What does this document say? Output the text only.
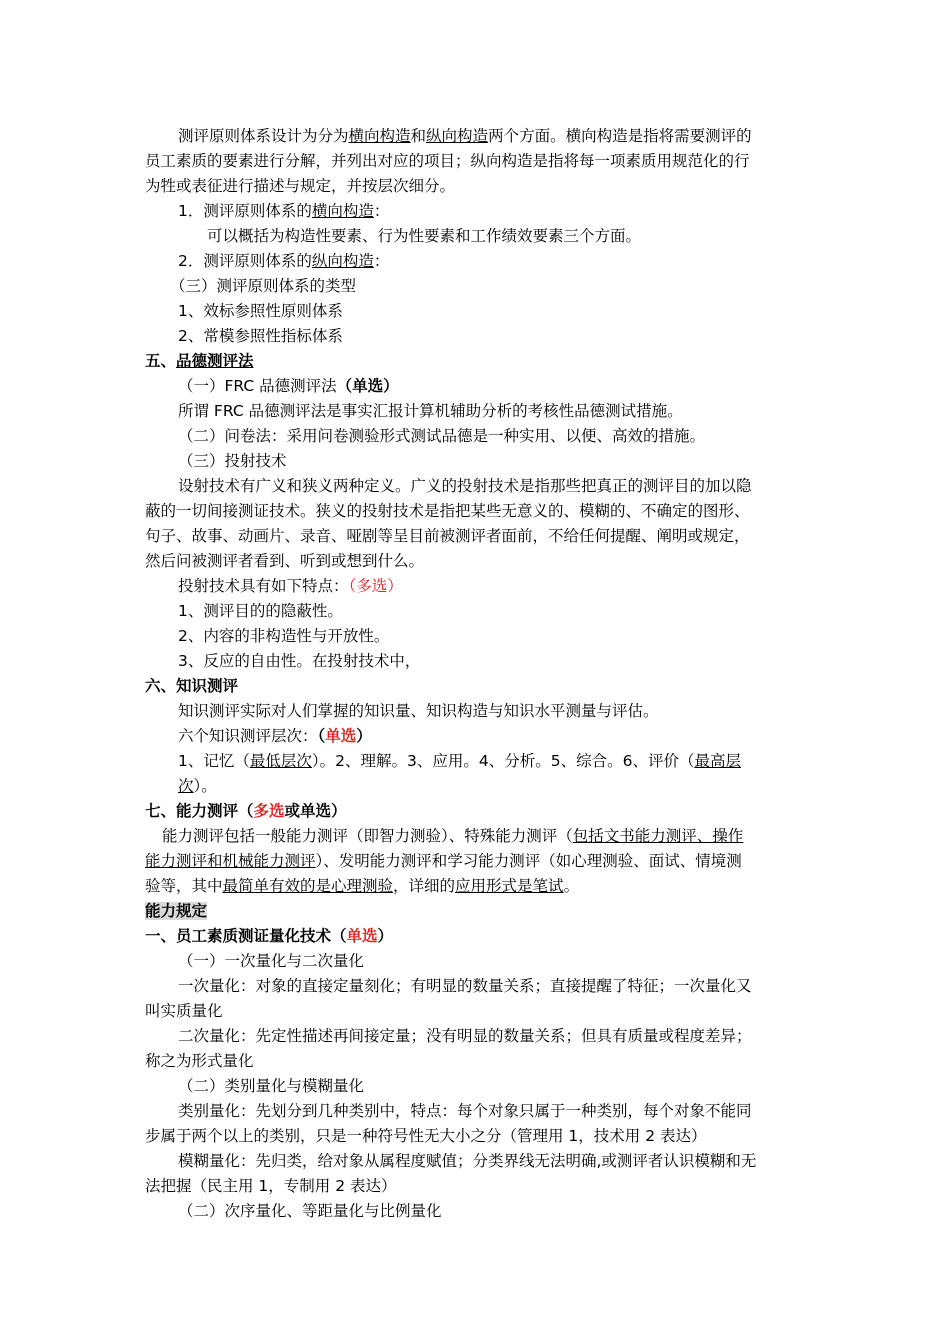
测评原则体系设计为分为横向构造和纵向构造两个方面。横向构造是指将需要测评的
员工素质的要素进行分解，并列出对应的项目；纵向构造是指将每一项素质用规范化的行
为牲或表征进行描述与规定，并按层次细分。
1．测评原则体系的横向构造：
可以概括为构造性要素、行为性要素和工作绩效要素三个方面。
2．测评原则体系的纵向构造：
（三）测评原则体系的类型
1、效标参照性原则体系
2、常模参照性指标体系
五、品德测评法
（一）FRC 品德测评法（单选）
所谓 FRC 品德测评法是事实汇报计算机辅助分析的考核性品德测试措施。
（二）问卷法：采用问卷测验形式测试品德是一种实用、以便、高效的措施。
（三）投射技术
设射技术有广义和狭义两种定义。广义的投射技术是指那些把真正的测评目的加以隐
蔽的一切间接测证技术。狭义的投射技术是指把某些无意义的、模糊的、不确定的图形、
句子、故事、动画片、录音、哑剧等呈目前被测评者面前，不给任何提醒、阐明或规定，
然后问被测评者看到、听到或想到什么。
投射技术具有如下特点：（多选）
1、测评目的的隐蔽性。
2、内容的非构造性与开放性。
3、反应的自由性。在投射技术中，
六、知识测评
知识测评实际对人们掌握的知识量、知识构造与知识水平测量与评估。
六个知识测评层次：（单选）
1、记忆（最低层次）。2、理解。3、应用。4、分析。5、综合。6、评价（最高层
次）。
七、能力测评（多选或单选）
能力测评包括一般能力测评（即智力测验）、特殊能力测评（包括文书能力测评、操作
能力测评和机械能力测评）、发明能力测评和学习能力测评（如心理测验、面试、情境测
验等，其中最简单有效的是心理测验，详细的应用形式是笔试。
能力规定
一、员工素质测证量化技术（单选）
（一）一次量化与二次量化
一次量化：对象的直接定量刻化；有明显的数量关系；直接提醒了特征；一次量化又
叫实质量化
二次量化：先定性描述再间接定量；没有明显的数量关系；但具有质量或程度差异；
称之为形式量化
（二）类别量化与模糊量化
类别量化：先划分到几种类别中，特点：每个对象只属于一种类别，每个对象不能同
步属于两个以上的类别，只是一种符号性无大小之分（管理用 1，技术用 2 表达）
模糊量化：先归类，给对象从属程度赋值；分类界线无法明确,或测评者认识模糊和无
法把握（民主用 1，专制用 2 表达）
（二）次序量化、等距量化与比例量化
